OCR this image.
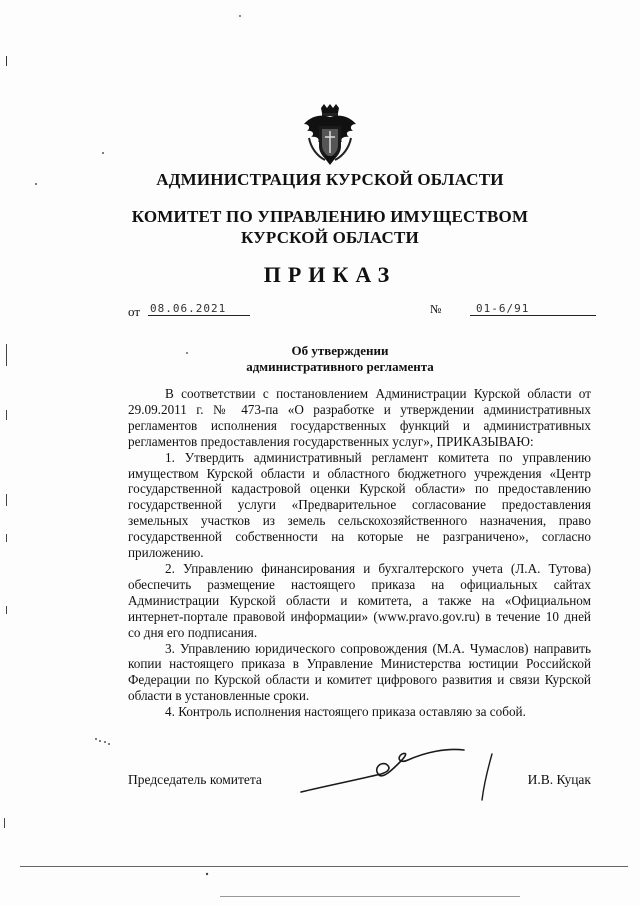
АДМИНИСТРАЦИЯ КУРСКОЙ ОБЛАСТИ
КОМИТЕТ ПО УПРАВЛЕНИЮ ИМУЩЕСТВОМ
КУРСКОЙ ОБЛАСТИ
ПРИКАЗ
от 08.06.2021	№	01-6/91
Об утверждении
административного регламента

В соответствии с постановлением Администрации Курской области от 29.09.2011 г. № 473-па «О разработке и утверждении административных регламентов исполнения государственных функций и административных регламентов предоставления государственных услуг», ПРИКАЗЫВАЮ:

1. Утвердить административный регламент комитета по управлению имуществом Курской области и областного бюджетного учреждения «Центр государственной кадастровой оценки Курской области» по предоставлению государственной услуги «Предварительное согласование предоставления земельных участков из земель сельскохозяйственного назначения, право государственной собственности на которые не разграничено», согласно приложению.

2. Управлению финансирования и бухгалтерского учета (Л.А. Тутова) обеспечить размещение настоящего приказа на официальных сайтах Администрации Курской области и комитета, а также на «Официальном интернет-портале правовой информации» (www.pravo.gov.ru) в течение 10 дней со дня его подписания.

3. Управлению юридического сопровождения (М.А. Чумаслов) направить копии настоящего приказа в Управление Министерства юстиции Российской Федерации по Курской области и комитет цифрового развития и связи Курской области в установленные сроки.

4. Контроль исполнения настоящего приказа оставляю за собой.

Председатель комитета	И.В. Куцак
